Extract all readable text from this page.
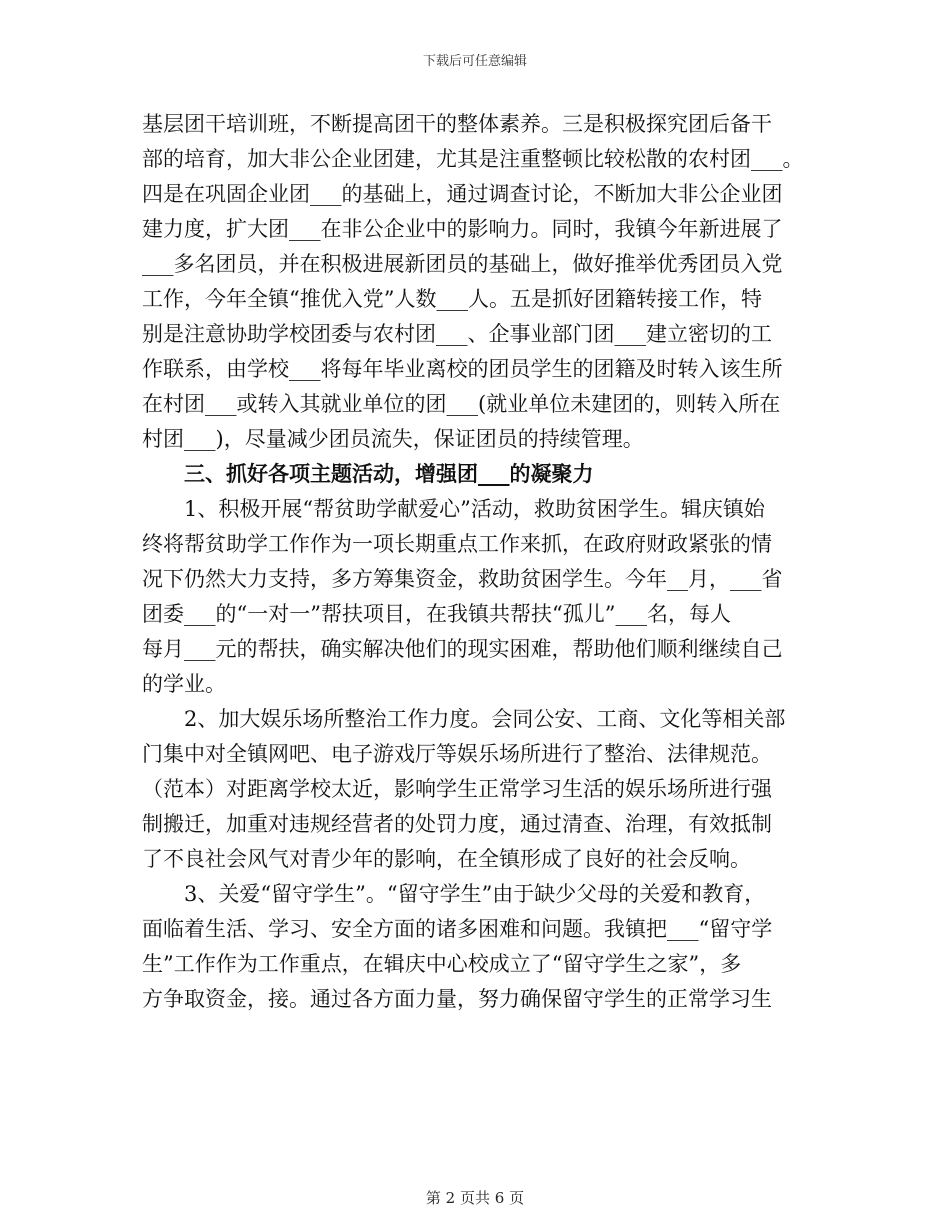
下载后可任意编辑
基层团干培训班，不断提高团干的整体素养。三是积极探究团后备干
部的培育，加大非公企业团建，尤其是注重整顿比较松散的农村团___。
四是在巩固企业团___的基础上，通过调查讨论，不断加大非公企业团
建力度，扩大团___在非公企业中的影响力。同时，我镇今年新进展了
___多名团员，并在积极进展新团员的基础上，做好推举优秀团员入党
工作，今年全镇“推优入党”人数___人。五是抓好团籍转接工作，特
别是注意协助学校团委与农村团___、企事业部门团___建立密切的工
作联系，由学校___将每年毕业离校的团员学生的团籍及时转入该生所
在村团___或转入其就业单位的团___(就业单位未建团的，则转入所在
村团___)，尽量减少团员流失，保证团员的持续管理。
三、抓好各项主题活动，增强团___的凝聚力
1、积极开展“帮贫助学献爱心”活动，救助贫困学生。辑庆镇始
终将帮贫助学工作作为一项长期重点工作来抓，在政府财政紧张的情
况下仍然大力支持，多方筹集资金，救助贫困学生。今年__月，___省
团委___的“一对一”帮扶项目，在我镇共帮扶“孤儿”___名，每人
每月___元的帮扶，确实解决他们的现实困难，帮助他们顺利继续自己
的学业。
2、加大娱乐场所整治工作力度。会同公安、工商、文化等相关部
门集中对全镇网吧、电子游戏厅等娱乐场所进行了整治、法律规范。
（范本）对距离学校太近，影响学生正常学习生活的娱乐场所进行强
制搬迁，加重对违规经营者的处罚力度，通过清查、治理，有效抵制
了不良社会风气对青少年的影响，在全镇形成了良好的社会反响。
3、关爱“留守学生”。“留守学生”由于缺少父母的关爱和教育，
面临着生活、学习、安全方面的诸多困难和问题。我镇把___“留守学
生”工作作为工作重点，在辑庆中心校成立了“留守学生之家”，多
方争取资金，接。通过各方面力量，努力确保留守学生的正常学习生
第 2 页共 6 页
